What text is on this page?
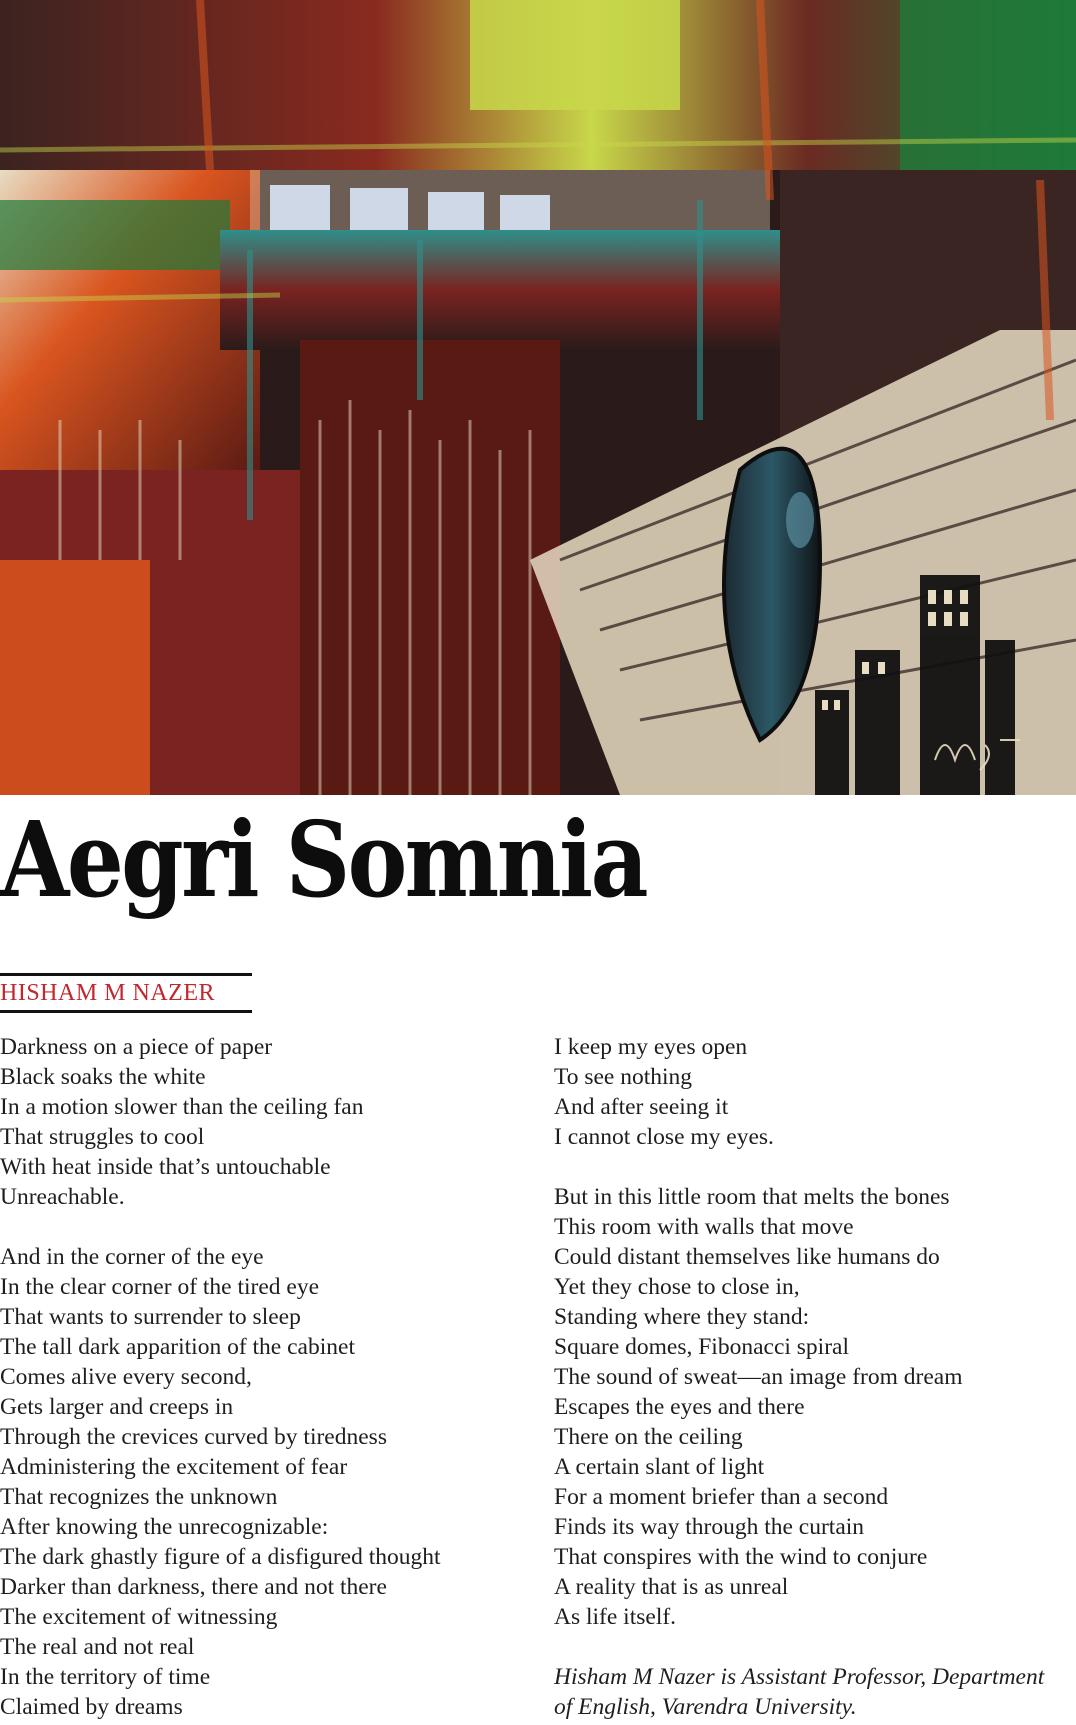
Aegri Somnia
HISHAM M NAZER
Darkness on a piece of paper
Black soaks the white
In a motion slower than the ceiling fan
That struggles to cool
With heat inside that’s untouchable
Unreachable.
And in the corner of the eye
In the clear corner of the tired eye
That wants to surrender to sleep
The tall dark apparition of the cabinet
Comes alive every second,
Gets larger and creeps in
Through the crevices curved by tiredness
Administering the excitement of fear
That recognizes the unknown
After knowing the unrecognizable:
The dark ghastly figure of a disfigured thought
Darker than darkness, there and not there
The excitement of witnessing
The real and not real
In the territory of time
Claimed by dreams
I keep my eyes open
To see nothing
And after seeing it
I cannot close my eyes.
But in this little room that melts the bones
This room with walls that move
Could distant themselves like humans do
Yet they chose to close in,
Standing where they stand:
Square domes, Fibonacci spiral
The sound of sweat—an image from dream
Escapes the eyes and there
There on the ceiling
A certain slant of light
For a moment briefer than a second
Finds its way through the curtain
That conspires with the wind to conjure
A reality that is as unreal
As life itself.
Hisham M Nazer is Assistant Professor, Department of English, Varendra University.
